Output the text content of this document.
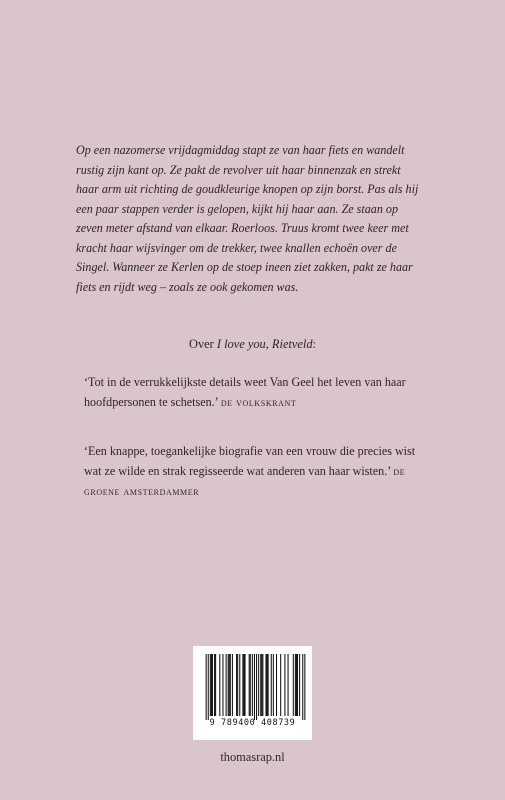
Op een nazomerse vrijdagmiddag stapt ze van haar fiets en wandelt
rustig zijn kant op. Ze pakt de revolver uit haar binnenzak en strekt
haar arm uit richting de goudkleurige knopen op zijn borst. Pas als hij
een paar stappen verder is gelopen, kijkt hij haar aan. Ze staan op
zeven meter afstand van elkaar. Roerloos. Truus kromt twee keer met
kracht haar wijsvinger om de trekker, twee knallen echoën over de
Singel. Wanneer ze Kerlen op de stoep ineen ziet zakken, pakt ze haar
fiets en rijdt weg – zoals ze ook gekomen was.

Over I love you, Rietveld:

‘Tot in de verrukkelijkste details weet Van Geel het leven van haar hoofdpersonen te schetsen.’ de volkskrant

‘Een knappe, toegankelijke biografie van een vrouw die precies wist wat ze wilde en strak regisseerde wat anderen van haar wisten.’ de groene amsterdammer

9 789400 408739

thomasrap.nl
